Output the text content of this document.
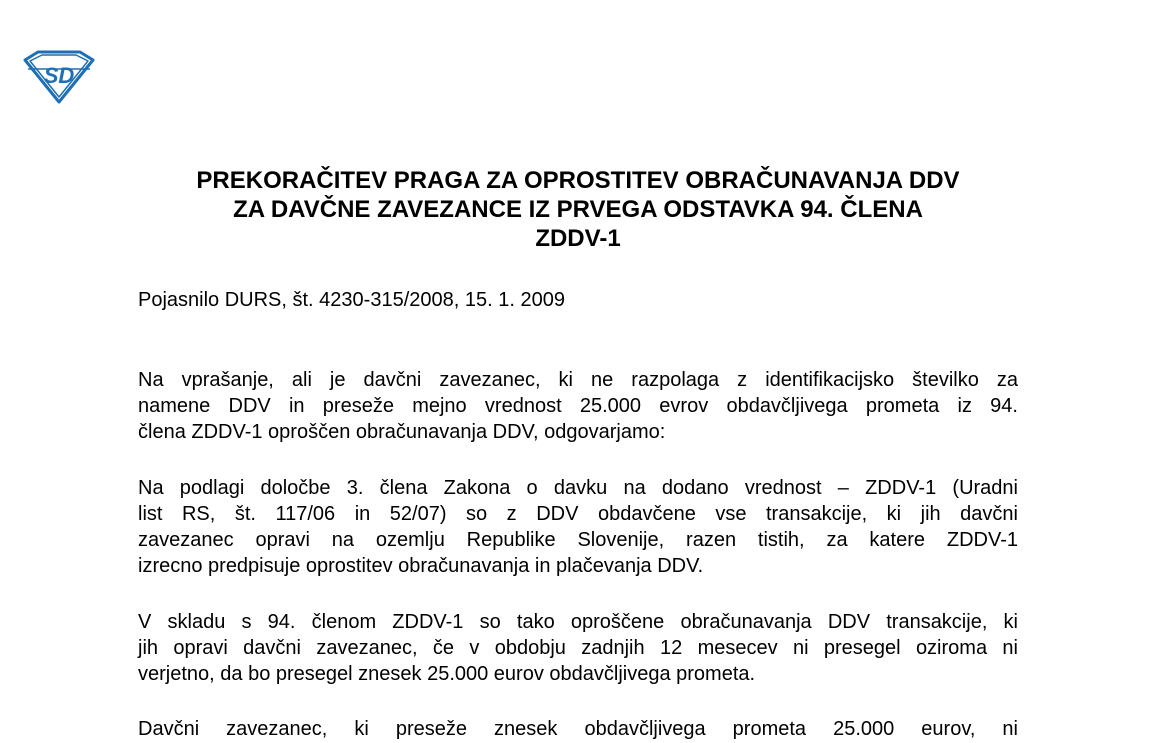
SD
PREKORAČITEV PRAGA ZA OPROSTITEV OBRAČUNAVANJA DDV
ZA DAVČNE ZAVEZANCE IZ PRVEGA ODSTAVKA 94. ČLENA
ZDDV-1
Pojasnilo DURS, št. 4230-315/2008, 15. 1. 2009
Na vprašanje, ali je davčni zavezanec, ki ne razpolaga z identifikacijsko številko za
namene DDV in preseže mejno vrednost 25.000 evrov obdavčljivega prometa iz 94.
člena ZDDV-1 oproščen obračunavanja DDV, odgovarjamo:
Na podlagi določbe 3. člena Zakona o davku na dodano vrednost – ZDDV-1 (Uradni
list RS, št. 117/06 in 52/07) so z DDV obdavčene vse transakcije, ki jih davčni
zavezanec opravi na ozemlju Republike Slovenije, razen tistih, za katere ZDDV-1
izrecno predpisuje oprostitev obračunavanja in plačevanja DDV.
V skladu s 94. členom ZDDV-1 so tako oproščene obračunavanja DDV transakcije, ki
jih opravi davčni zavezanec, če v obdobju zadnjih 12 mesecev ni presegel oziroma ni
verjetno, da bo presegel znesek 25.000 eurov obdavčljivega prometa.
Davčni zavezanec, ki preseže znesek obdavčljivega prometa 25.000 eurov, ni
